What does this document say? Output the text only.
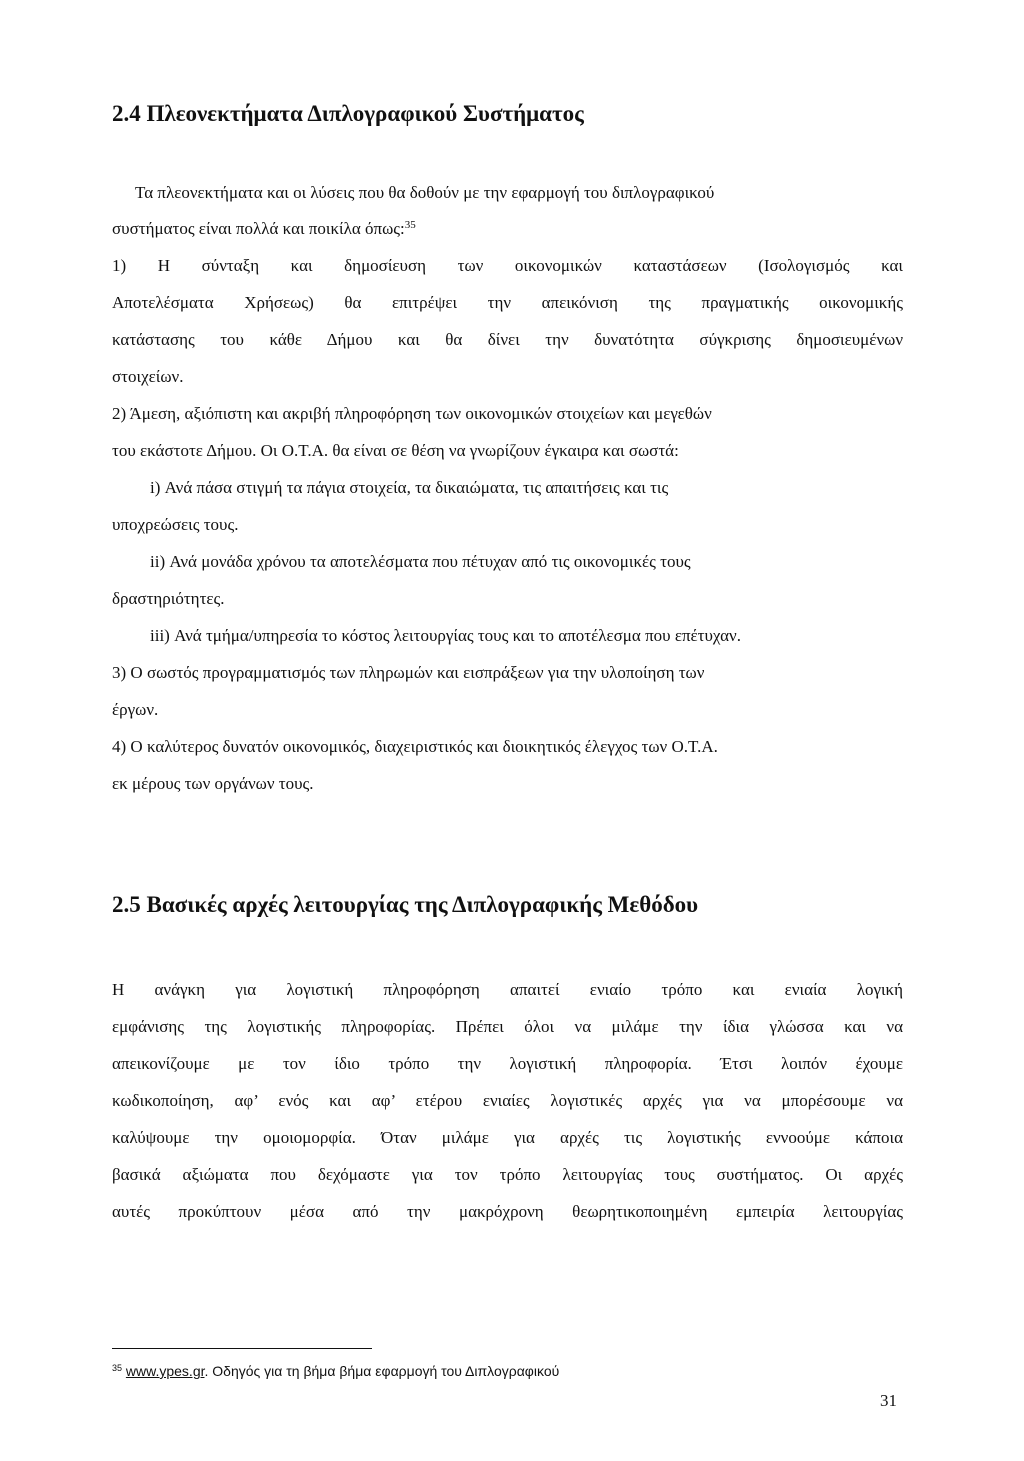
2.4 Πλεονεκτήματα Διπλογραφικού Συστήματος
Τα πλεονεκτήματα και οι λύσεις που θα δοθούν με την εφαρμογή του διπλογραφικού
συστήματος είναι πολλά και ποικίλα όπως:$^{35}$
1) Η σύνταξη και δημοσίευση των οικονομικών καταστάσεων (Ισολογισμός και
Αποτελέσματα Χρήσεως) θα επιτρέψει την απεικόνιση της πραγματικής οικονομικής
κατάστασης του κάθε Δήμου και θα δίνει την δυνατότητα σύγκρισης δημοσιευμένων
στοιχείων.
2) Άμεση, αξιόπιστη και ακριβή πληροφόρηση των οικονομικών στοιχείων και μεγεθών
του εκάστοτε Δήμου. Οι Ο.Τ.Α. θα είναι σε θέση να γνωρίζουν έγκαιρα και σωστά:
i) Ανά πάσα στιγμή τα πάγια στοιχεία, τα δικαιώματα, τις απαιτήσεις και τις
υποχρεώσεις τους.
ii) Ανά μονάδα χρόνου τα αποτελέσματα που πέτυχαν από τις οικονομικές τους
δραστηριότητες.
iii) Ανά τμήμα/υπηρεσία το κόστος λειτουργίας τους και το αποτέλεσμα που επέτυχαν.
3) Ο σωστός προγραμματισμός των πληρωμών και εισπράξεων για την υλοποίηση των
έργων.
4) Ο καλύτερος δυνατόν οικονομικός, διαχειριστικός και διοικητικός έλεγχος των Ο.Τ.Α.
εκ μέρους των οργάνων τους.
2.5 Βασικές αρχές λειτουργίας της Διπλογραφικής Μεθόδου
Η ανάγκη για λογιστική πληροφόρηση απαιτεί ενιαίο τρόπο και ενιαία λογική
εμφάνισης της λογιστικής πληροφορίας. Πρέπει όλοι να μιλάμε την ίδια γλώσσα και να
απεικονίζουμε με τον ίδιο τρόπο την λογιστική πληροφορία. Έτσι λοιπόν έχουμε
κωδικοποίηση, αφ’ ενός και αφ’ ετέρου ενιαίες λογιστικές αρχές για να μπορέσουμε να
καλύψουμε την ομοιομορφία. Όταν μιλάμε για αρχές τις λογιστικής εννοούμε κάποια
βασικά αξιώματα που δεχόμαστε για τον τρόπο λειτουργίας τους συστήματος. Οι αρχές
αυτές προκύπτουν μέσα από την μακρόχρονη θεωρητικοποιημένη εμπειρία λειτουργίας
$^{35}$ www.ypes.gr. Οδηγός για τη βήμα βήμα εφαρμογή του Διπλογραφικού
31
